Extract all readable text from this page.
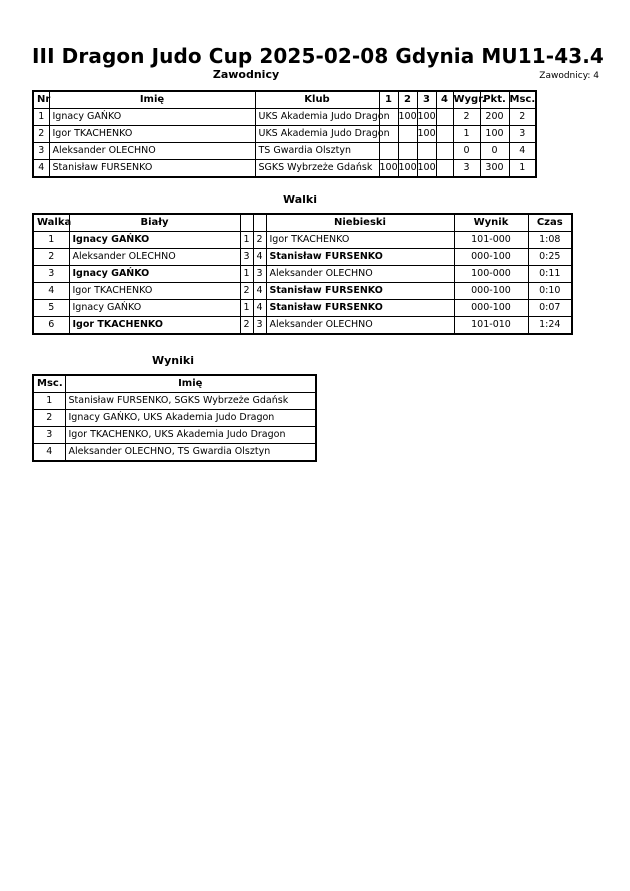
III Dragon Judo Cup 2025-02-08 Gdynia MU11-43.4
Zawodnicy	Zawodnicy: 4
Nr	Imię	Klub	1	2	3	4	Wygr.	Pkt.	Msc.
1	Ignacy GAŃKO	UKS Akademia Judo Dragon		100	100		2	200	2
2	Igor TKACHENKO	UKS Akademia Judo Dragon			100		1	100	3
3	Aleksander OLECHNO	TS Gwardia Olsztyn					0	0	4
4	Stanisław FURSENKO	SGKS Wybrzeże Gdańsk	100	100	100		3	300	1
Walki
Walka	Biały			Niebieski	Wynik	Czas
1	Ignacy GAŃKO	1	2	Igor TKACHENKO	101-000	1:08
2	Aleksander OLECHNO	3	4	Stanisław FURSENKO	000-100	0:25
3	Ignacy GAŃKO	1	3	Aleksander OLECHNO	100-000	0:11
4	Igor TKACHENKO	2	4	Stanisław FURSENKO	000-100	0:10
5	Ignacy GAŃKO	1	4	Stanisław FURSENKO	000-100	0:07
6	Igor TKACHENKO	2	3	Aleksander OLECHNO	101-010	1:24
Wyniki
Msc.	Imię
1	Stanisław FURSENKO, SGKS Wybrzeże Gdańsk
2	Ignacy GAŃKO, UKS Akademia Judo Dragon
3	Igor TKACHENKO, UKS Akademia Judo Dragon
4	Aleksander OLECHNO, TS Gwardia Olsztyn
